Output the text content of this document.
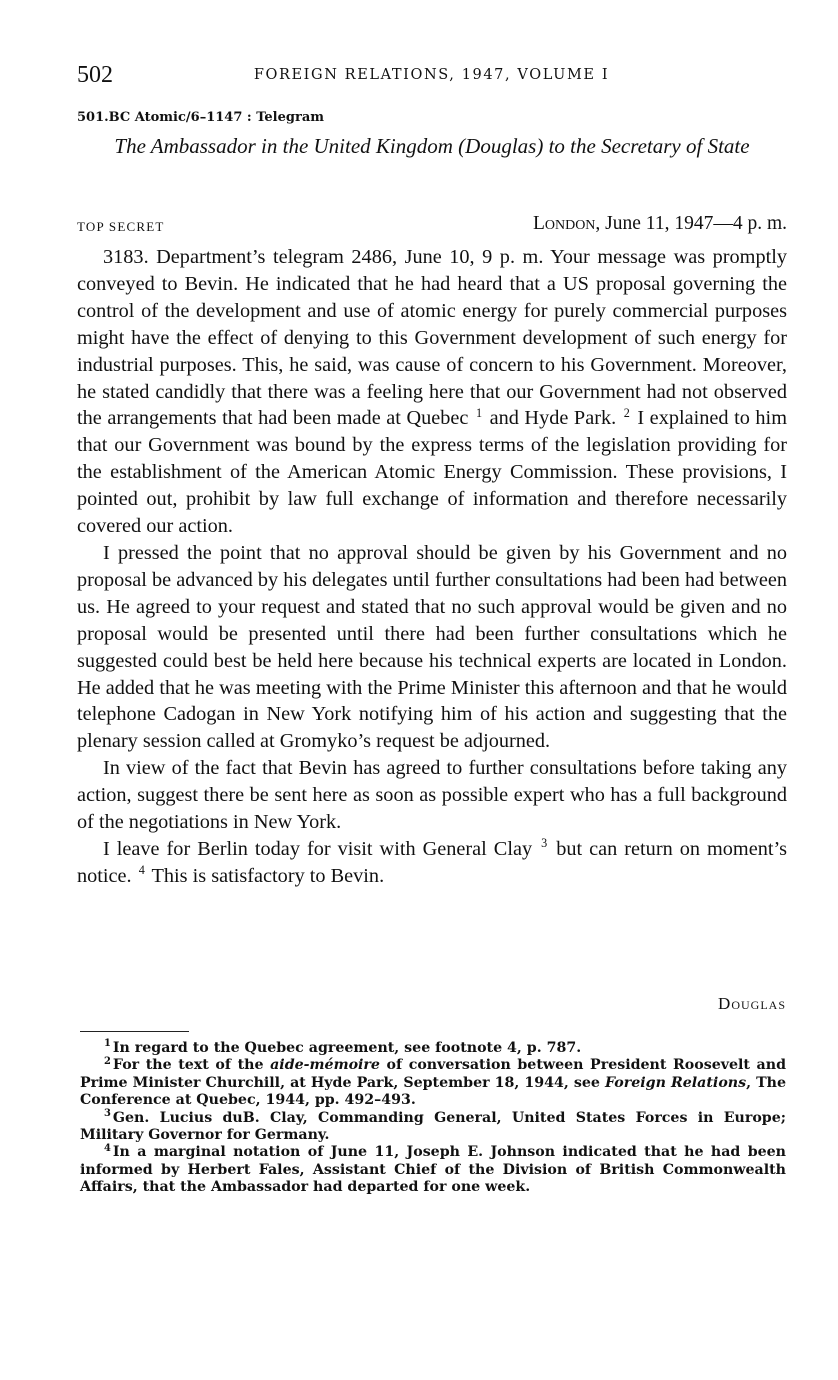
502	FOREIGN RELATIONS, 1947, VOLUME I
501.BC Atomic/6–1147 : Telegram
The Ambassador in the United Kingdom (Douglas) to the Secretary of State
TOP SECRET	London, June 11, 1947—4 p. m.

3183. Department’s telegram 2486, June 10, 9 p. m. Your message was promptly conveyed to Bevin. He indicated that he had heard that a US proposal governing the control of the development and use of atomic energy for purely commercial purposes might have the effect of denying to this Government development of such energy for industrial purposes. This, he said, was cause of concern to his Government. Moreover, he stated candidly that there was a feeling here that our Government had not observed the arrangements that had been made at Quebec $^1$ and Hyde Park. $^2$ I explained to him that our Government was bound by the express terms of the legislation providing for the establishment of the American Atomic Energy Commission. These provisions, I pointed out, prohibit by law full exchange of information and therefore necessarily covered our action.

I pressed the point that no approval should be given by his Government and no proposal be advanced by his delegates until further consultations had been had between us. He agreed to your request and stated that no such approval would be given and no proposal would be presented until there had been further consultations which he suggested could best be held here because his technical experts are located in London. He added that he was meeting with the Prime Minister this afternoon and that he would telephone Cadogan in New York notifying him of his action and suggesting that the plenary session called at Gromyko’s request be adjourned.

In view of the fact that Bevin has agreed to further consultations before taking any action, suggest there be sent here as soon as possible expert who has a full background of the negotiations in New York.

I leave for Berlin today for visit with General Clay $^3$ but can return on moment’s notice. $^4$ This is satisfactory to Bevin.

Douglas

$^1$ In regard to the Quebec agreement, see footnote 4, p. 787.

$^2$ For the text of the aide-mémoire of conversation between President Roosevelt and Prime Minister Churchill, at Hyde Park, September 18, 1944, see Foreign Relations, The Conference at Quebec, 1944, pp. 492–493.

$^3$ Gen. Lucius duB. Clay, Commanding General, United States Forces in Europe; Military Governor for Germany.

$^4$ In a marginal notation of June 11, Joseph E. Johnson indicated that he had been informed by Herbert Fales, Assistant Chief of the Division of British Commonwealth Affairs, that the Ambassador had departed for one week.
